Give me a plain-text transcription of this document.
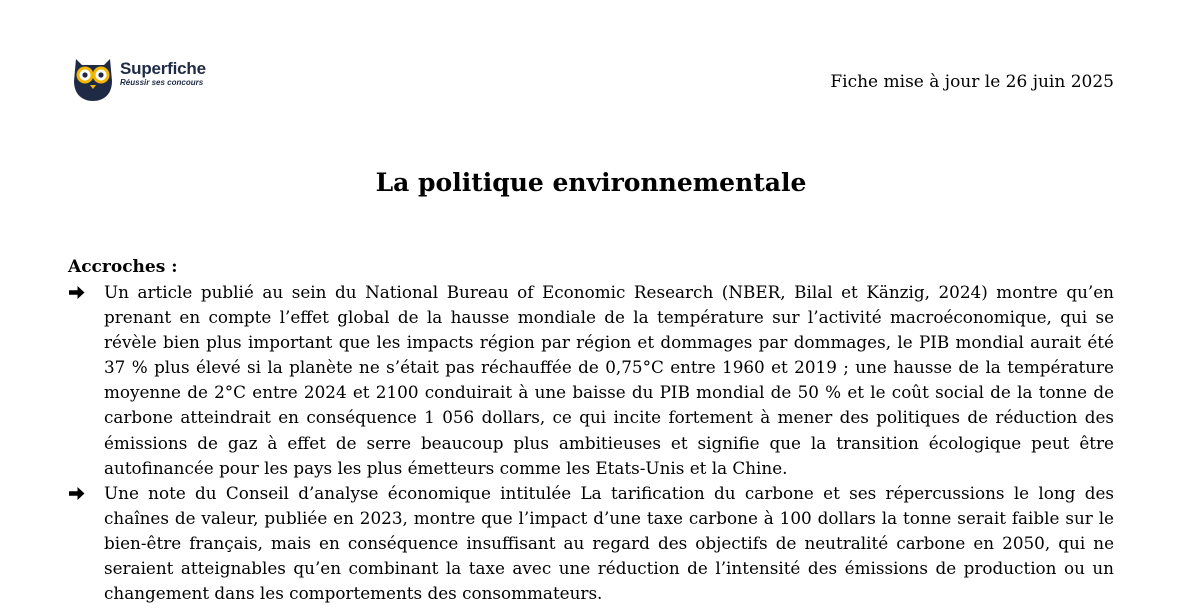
Superfiche
Réussir ses concours	Fiche mise à jour le 26 juin 2025
La politique environnementale
Accroches :
Un article publié au sein du National Bureau of Economic Research (NBER, Bilal et Känzig, 2024) montre qu’en prenant en compte l’effet global de la hausse mondiale de la température sur l’activité macroéconomique, qui se révèle bien plus important que les impacts région par région et dommages par dommages, le PIB mondial aurait été 37 % plus élevé si la planète ne s’était pas réchauffée de 0,75°C entre 1960 et 2019 ; une hausse de la température moyenne de 2°C entre 2024 et 2100 conduirait à une baisse du PIB mondial de 50 % et le coût social de la tonne de carbone atteindrait en conséquence 1 056 dollars, ce qui incite fortement à mener des politiques de réduction des émissions de gaz à effet de serre beaucoup plus ambitieuses et signifie que la transition écologique peut être autofinancée pour les pays les plus émetteurs comme les Etats-Unis et la Chine.
Une note du Conseil d’analyse économique intitulée La tarification du carbone et ses répercussions le long des chaînes de valeur, publiée en 2023, montre que l’impact d’une taxe carbone à 100 dollars la tonne serait faible sur le bien-être français, mais en conséquence insuffisant au regard des objectifs de neutralité carbone en 2050, qui ne seraient atteignables qu’en combinant la taxe avec une réduction de l’intensité des émissions de production ou un changement dans les comportements des consommateurs.
